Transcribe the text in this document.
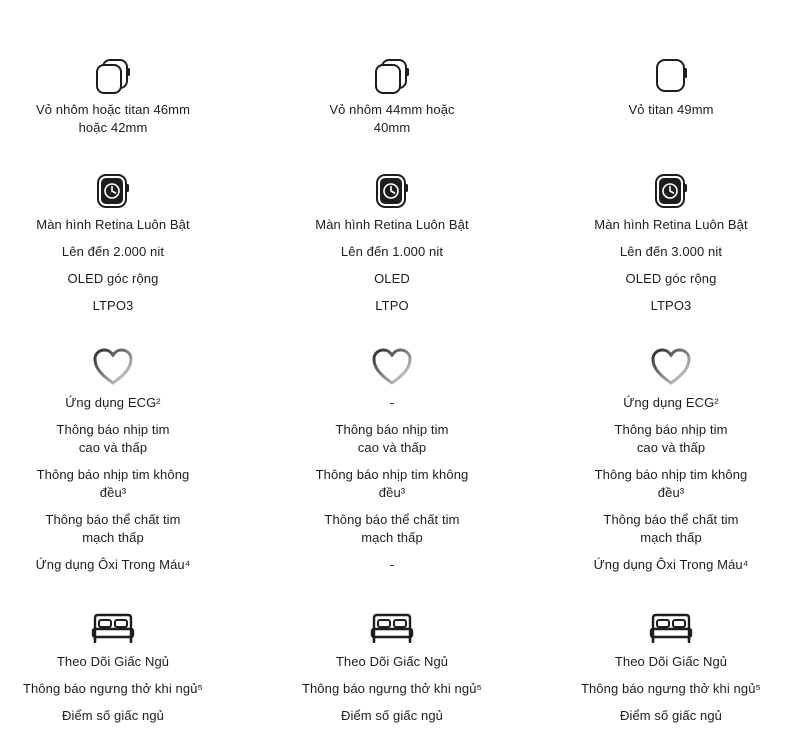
Vỏ nhôm hoặc titan 46mm
hoặc 42mm
Màn hình Retina Luôn Bật
Lên đến 2.000 nit
OLED góc rộng
LTPO3
Ứng dụng ECG²
Thông báo nhịp tim
cao và thấp
Thông báo nhịp tim không
đều³
Thông báo thể chất tim
mạch thấp
Ứng dụng Ôxi Trong Máu⁴
Theo Dõi Giấc Ngủ
Thông báo ngưng thở khi ngủ⁵
Điểm số giấc ngủ
Vỏ nhôm 44mm hoặc
40mm
Màn hình Retina Luôn Bật
Lên đến 1.000 nit
OLED
LTPO
-
Thông báo nhịp tim
cao và thấp
Thông báo nhịp tim không
đều³
Thông báo thể chất tim
mạch thấp
-
Theo Dõi Giấc Ngủ
Thông báo ngưng thở khi ngủ⁵
Điểm số giấc ngủ
Vỏ titan 49mm
Màn hình Retina Luôn Bật
Lên đến 3.000 nit
OLED góc rộng
LTPO3
Ứng dụng ECG²
Thông báo nhịp tim
cao và thấp
Thông báo nhịp tim không
đều³
Thông báo thể chất tim
mạch thấp
Ứng dụng Ôxi Trong Máu⁴
Theo Dõi Giấc Ngủ
Thông báo ngưng thở khi ngủ⁵
Điểm số giấc ngủ
